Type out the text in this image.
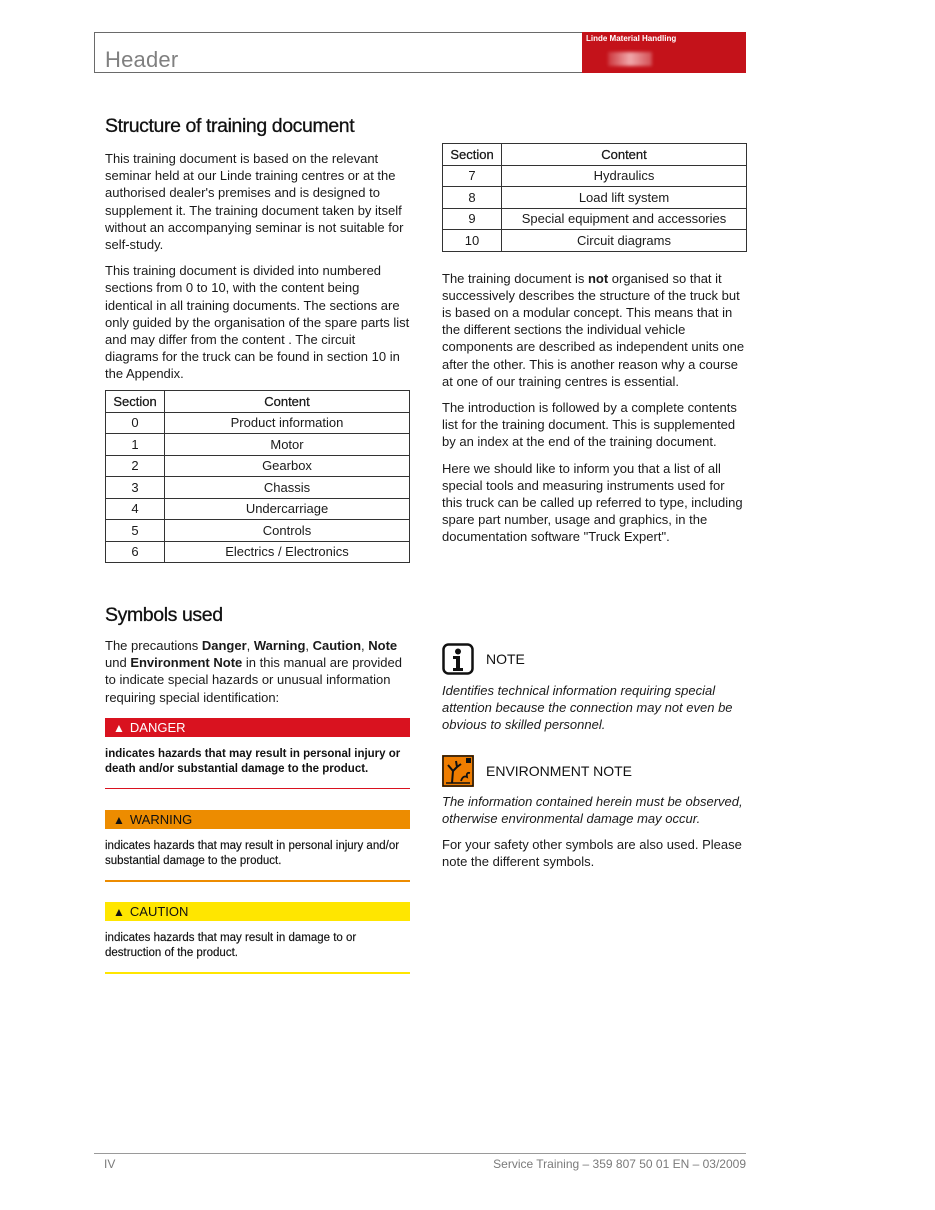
Header
Linde Material Handling
Structure of training document

This training document is based on the relevant seminar held at our Linde training centres or at the authorised dealer's premises and is designed to supplement it. The training document taken by itself without an accompanying seminar is not suitable for self-study.

This training document is divided into numbered sections from 0 to 10, with the content being identical in all training documents. The sections are only guided by the organisation of the spare parts list and may differ from the content . The circuit diagrams for the truck can be found in section 10 in the Appendix.

Section	Content
0	Product information
1	Motor
2	Gearbox
3	Chassis
4	Undercarriage
5	Controls
6	Electrics / Electronics
Section	Content
7	Hydraulics
8	Load lift system
9	Special equipment and accessories
10	Circuit diagrams

The training document is not organised so that it successively describes the structure of the truck but is based on a modular concept. This means that in the different sections the individual vehicle components are described as independent units one after the other. This is another reason why a course at one of our training centres is essential.

The introduction is followed by a complete contents list for the training document. This is supplemented by an index at the end of the training document.

Here we should like to inform you that a list of all special tools and measuring instruments used for this truck can be called up referred to type, including spare part number, usage and graphics, in the documentation software "Truck Expert".

Symbols used

The precautions Danger, Warning, Caution, Note und Environment Note in this manual are provided to indicate special hazards or unusual information requiring special identification:

▲ DANGER
indicates hazards that may result in personal injury or death and/or substantial damage to the product.
▲ WARNING
indicates hazards that may result in personal injury and/or substantial damage to the product.
▲ CAUTION
indicates hazards that may result in damage to or destruction of the product.
NOTE

Identifies technical information requiring special attention because the connection may not even be obvious to skilled personnel.

ENVIRONMENT NOTE

The information contained herein must be observed, otherwise environmental damage may occur.

For your safety other symbols are also used. Please note the different symbols.

IV	Service Training – 359 807 50 01 EN – 03/2009
